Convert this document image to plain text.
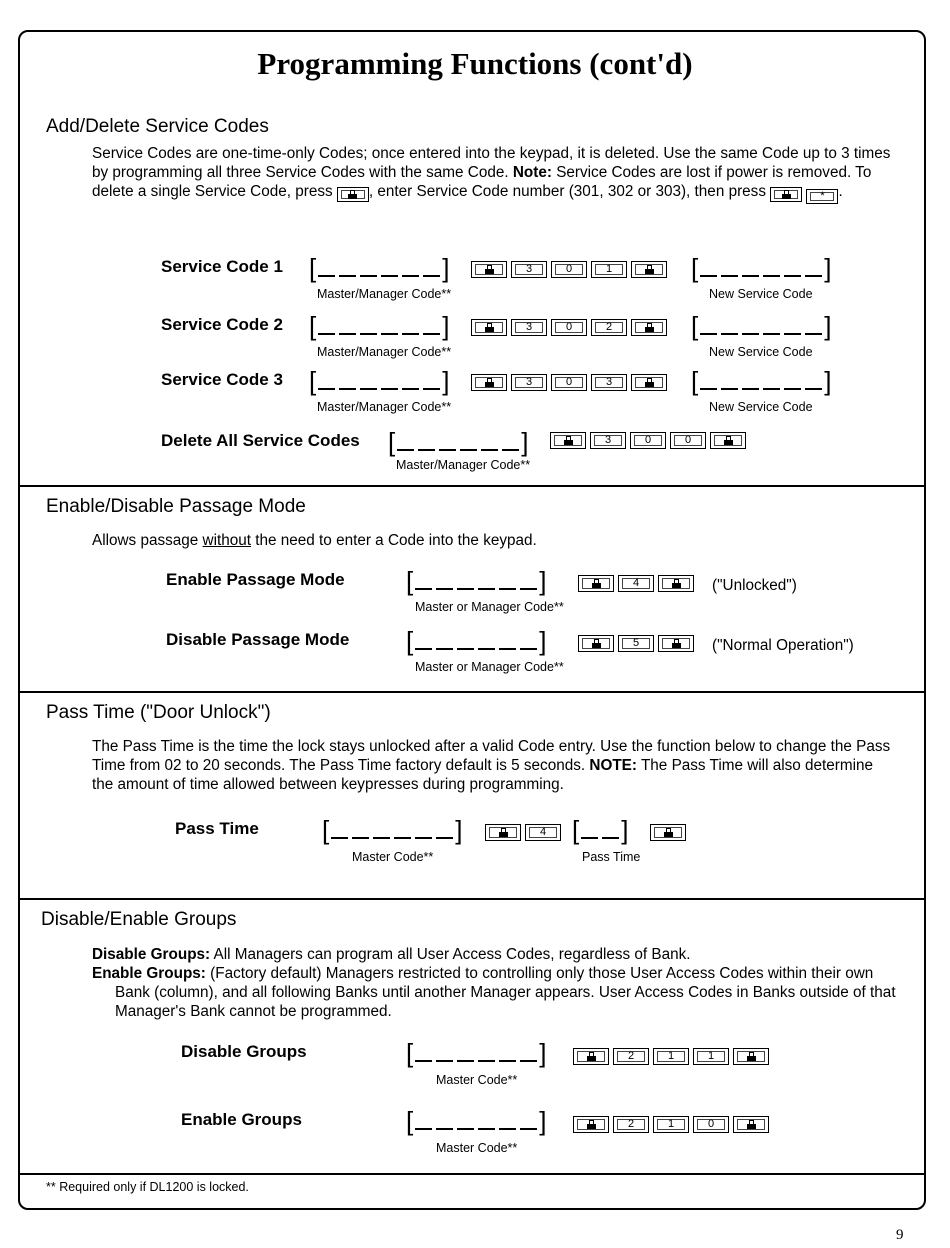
Programming Functions (cont'd)
Add/Delete Service Codes
Service Codes are one-time-only Codes; once entered into the keypad, it is deleted. Use the same Code up to 3 times by programming all three Service Codes with the same Code. Note: Service Codes are lost if power is removed. To delete a single Service Code, press
, enter Service Code number (301, 302 or 303), then press
	* .
Service Code 1 [	]	3	0	1	[	]
Master/Manager Code**	New Service Code
Service Code 2 [	]	3	0	2	[	]
Master/Manager Code**	New Service Code
Service Code 3 [	]	3	0	3	[	]
Master/Manager Code**	New Service Code
Delete All Service Codes [	]	3	0	0
Master/Manager Code**
Enable/Disable Passage Mode
Allows passage without the need to enter a Code into the keypad.
Enable Passage Mode [	]	4	("Unlocked")
Master or Manager Code**
Disable Passage Mode [	]	5	("Normal Operation")
Master or Manager Code**
Pass Time ("Door Unlock")
The Pass Time is the time the lock stays unlocked after a valid Code entry. Use the function below to change the Pass Time from 02 to 20 seconds. The Pass Time factory default is 5 seconds. NOTE: The Pass Time will also determine the amount of time allowed between keypresses during programming.
Pass Time [	]	4 [ ]
Master Code**	Pass Time
Disable/Enable Groups
Disable Groups: All Managers can program all User Access Codes, regardless of Bank.
Enable Groups: (Factory default) Managers restricted to controlling only those User Access Codes within their own Bank (column), and all following Banks until another Manager appears. User Access Codes in Banks outside of that Manager's Bank cannot be programmed.
Disable Groups	[	]	2	1	1
Master Code**
Enable Groups	[	]	2	1	0
Master Code**
** Required only if DL1200 is locked.
9
